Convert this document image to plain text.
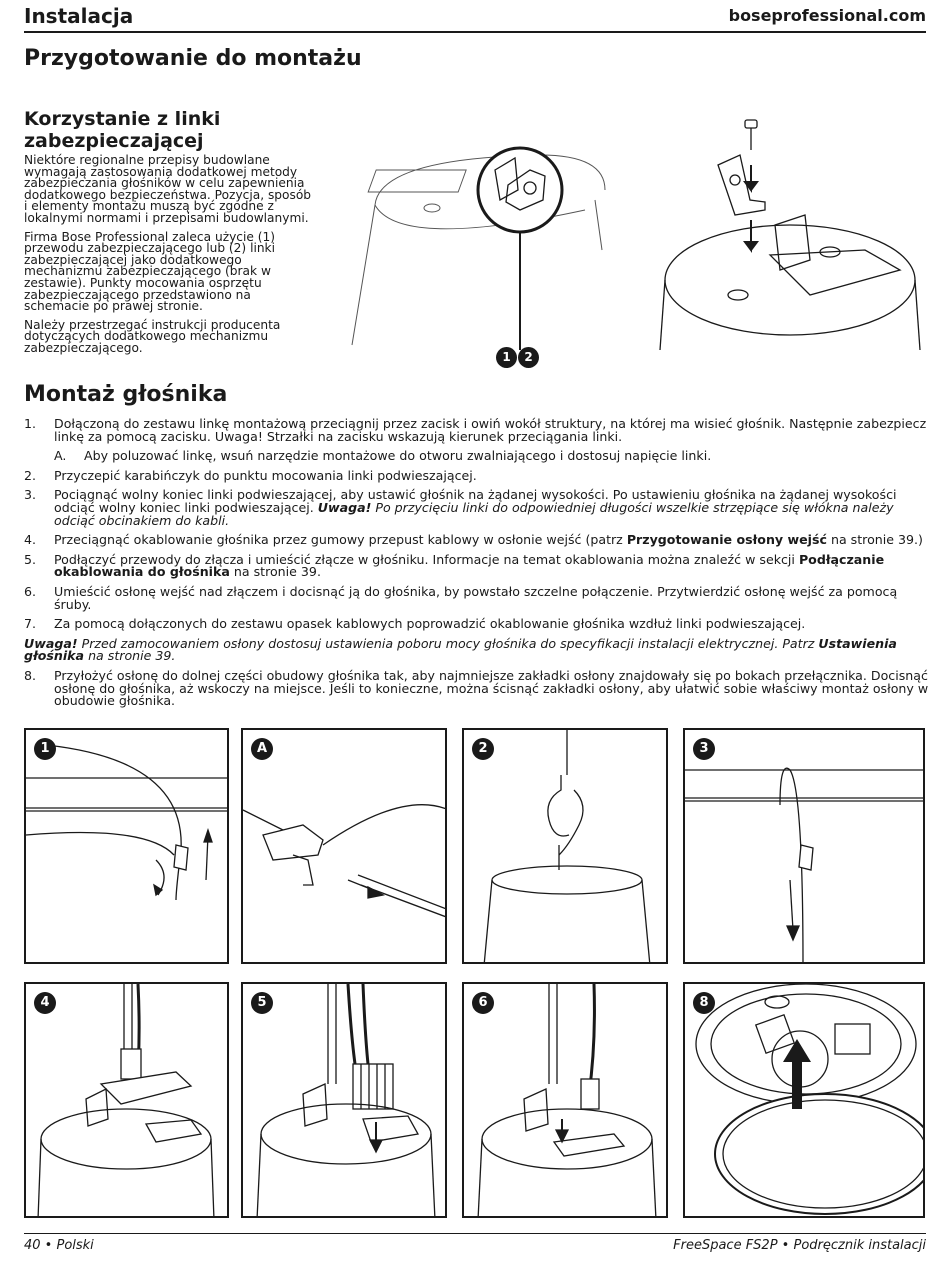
Instalacja	boseprofessional.com
Przygotowanie do montażu
Korzystanie z linki zabezpieczającej

Niektóre regionalne przepisy budowlane wymagają zastosowania dodatkowej metody zabezpieczania głośników w celu zapewnienia dodatkowego bezpieczeństwa. Pozycja, sposób i elementy montażu muszą być zgodne z lokalnymi normami i przepisami budowlanymi.

Firma Bose Professional zaleca użycie (1) przewodu zabezpieczającego lub (2) linki zabezpieczającej jako dodatkowego mechanizmu zabezpieczającego (brak w zestawie). Punkty mocowania osprzętu zabezpieczającego przedstawiono na schemacie po prawej stronie.

Należy przestrzegać instrukcji producenta dotyczących dodatkowego mechanizmu zabezpieczającego.

1 2
Montaż głośnika
1. Dołączoną do zestawu linkę montażową przeciągnij przez zacisk i owiń wokół struktury, na której ma wisieć głośnik. Następnie zabezpiecz linkę za pomocą zacisku. Uwaga! Strzałki na zacisku wskazują kierunek przeciągania linki.
A. Aby poluzować linkę, wsuń narzędzie montażowe do otworu zwalniającego i dostosuj napięcie linki.
2. Przyczepić karabińczyk do punktu mocowania linki podwieszającej.
3. Pociągnąć wolny koniec linki podwieszającej, aby ustawić głośnik na żądanej wysokości. Po ustawieniu głośnika na żądanej wysokości odciąć wolny koniec linki podwieszającej. Uwaga! Po przycięciu linki do odpowiedniej długości wszelkie strzępiące się włókna należy odciąć obcinakiem do kabli.
4. Przeciągnąć okablowanie głośnika przez gumowy przepust kablowy w osłonie wejść (patrz Przygotowanie osłony wejść na stronie 39.)
5. Podłączyć przewody do złącza i umieścić złącze w głośniku. Informacje na temat okablowania można znaleźć w sekcji Podłączanie okablowania do głośnika na stronie 39.
6. Umieścić osłonę wejść nad złączem i docisnąć ją do głośnika, by powstało szczelne połączenie. Przytwierdzić osłonę wejść za pomocą śruby.
7. Za pomocą dołączonych do zestawu opasek kablowych poprowadzić okablowanie głośnika wzdłuż linki podwieszającej.
Uwaga! Przed zamocowaniem osłony dostosuj ustawienia poboru mocy głośnika do specyfikacji instalacji elektrycznej. Patrz Ustawienia głośnika na stronie 39.
8. Przyłożyć osłonę do dolnej części obudowy głośnika tak, aby najmniejsze zakładki osłony znajdowały się po bokach przełącznika. Docisnąć osłonę do głośnika, aż wskoczy na miejsce. Jeśli to konieczne, można ścisnąć zakładki osłony, aby ułatwić sobie właściwy montaż osłony w obudowie głośnika.
1	A	2	3
4	5	6	8
40 • Polski	FreeSpace FS2P • Podręcznik instalacji
